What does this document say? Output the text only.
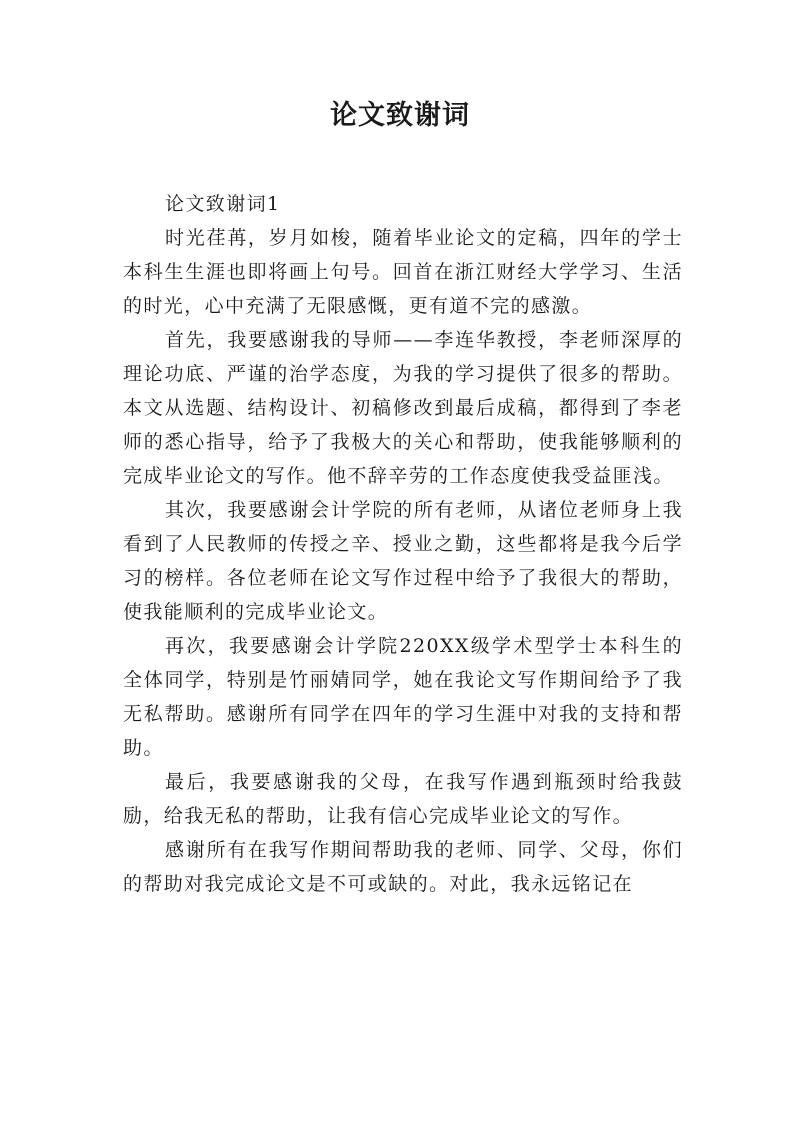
论文致谢词

论文致谢词1

时光荏苒，岁月如梭，随着毕业论文的定稿，四年的学士本科生生涯也即将画上句号。回首在浙江财经大学学习、生活的时光，心中充满了无限感慨，更有道不完的感激。

首先，我要感谢我的导师——李连华教授，李老师深厚的理论功底、严谨的治学态度，为我的学习提供了很多的帮助。本文从选题、结构设计、初稿修改到最后成稿，都得到了李老师的悉心指导，给予了我极大的关心和帮助，使我能够顺利的完成毕业论文的写作。他不辞辛劳的工作态度使我受益匪浅。

其次，我要感谢会计学院的所有老师，从诸位老师身上我看到了人民教师的传授之辛、授业之勤，这些都将是我今后学习的榜样。各位老师在论文写作过程中给予了我很大的帮助，使我能顺利的完成毕业论文。

再次，我要感谢会计学院220XX级学术型学士本科生的全体同学，特别是竹丽婧同学，她在我论文写作期间给予了我无私帮助。感谢所有同学在四年的学习生涯中对我的支持和帮助。

最后，我要感谢我的父母，在我写作遇到瓶颈时给我鼓励，给我无私的帮助，让我有信心完成毕业论文的写作。

感谢所有在我写作期间帮助我的老师、同学、父母，你们的帮助对我完成论文是不可或缺的。对此，我永远铭记在
